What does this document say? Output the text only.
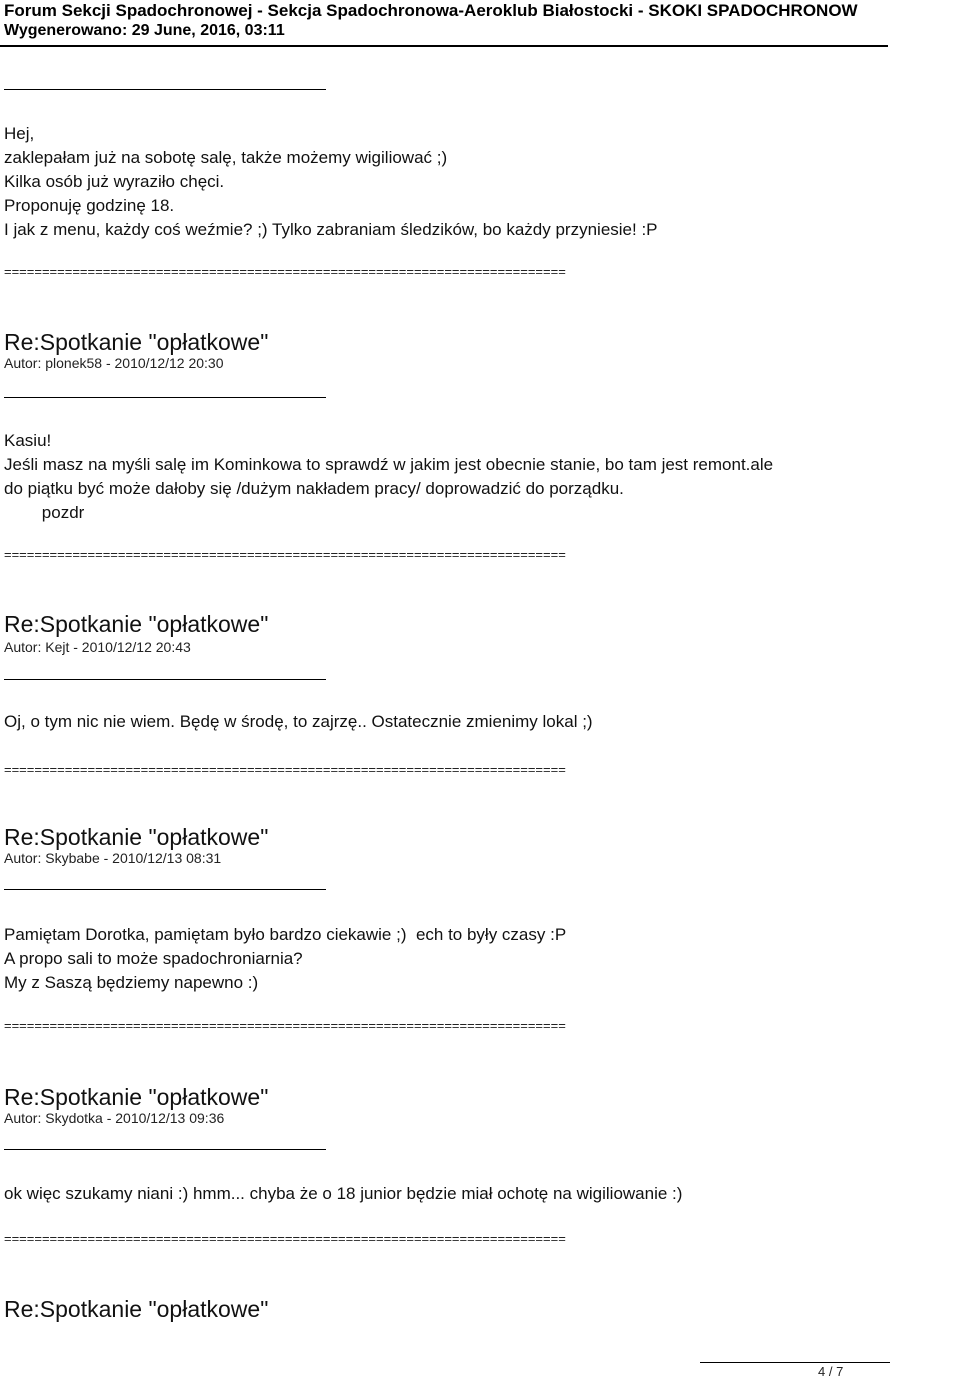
Forum Sekcji Spadochronowej - Sekcja Spadochronowa-Aeroklub Białostocki - SKOKI SPADOCHRONOW
Wygenerowano: 29 June, 2016, 03:11
Hej,
zaklepałam już na sobotę salę, także możemy wigiliować ;)
Kilka osób już wyraziło chęci.
Proponuję godzinę 18.
I jak z menu, każdy coś weźmie? ;) Tylko zabraniam śledzików, bo każdy przyniesie! :P
==========================================================================
Re:Spotkanie "opłatkowe"
Autor: plonek58 - 2010/12/12 20:30
Kasiu!
Jeśli masz na myśli salę im Kominkowa to sprawdź w jakim jest obecnie stanie, bo tam jest remont.ale
do piątku być może dałoby się /dużym nakładem pracy/ doprowadzić do porządku.
pozdr
==========================================================================
Re:Spotkanie "opłatkowe"
Autor: Kejt - 2010/12/12 20:43
Oj, o tym nic nie wiem. Będę w środę, to zajrzę.. Ostatecznie zmienimy lokal ;)
==========================================================================
Re:Spotkanie "opłatkowe"
Autor: Skybabe - 2010/12/13 08:31
Pamiętam Dorotka, pamiętam było bardzo ciekawie ;)  ech to były czasy :P
A propo sali to może spadochroniarnia?
My z Saszą będziemy napewno :)
==========================================================================
Re:Spotkanie "opłatkowe"
Autor: Skydotka - 2010/12/13 09:36
ok więc szukamy niani :) hmm... chyba że o 18 junior będzie miał ochotę na wigiliowanie :)
==========================================================================
Re:Spotkanie "opłatkowe"
4 / 7
